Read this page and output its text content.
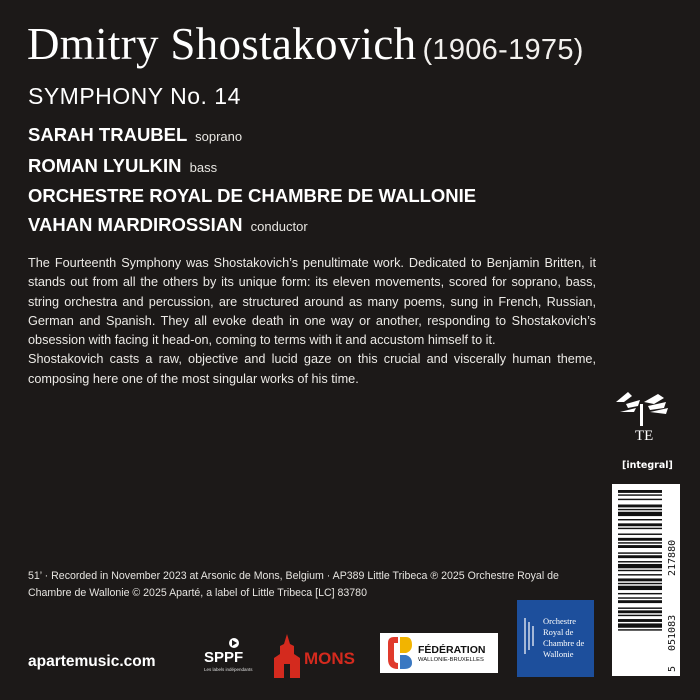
Dmitry Shostakovich (1906-1975)
SYMPHONY No. 14
SARAH TRAUBEL soprano
ROMAN LYULKIN bass
ORCHESTRE ROYAL DE CHAMBRE DE WALLONIE
VAHAN MARDIROSSIAN conductor

The Fourteenth Symphony was Shostakovich’s penultimate work. Dedicated to Benjamin Britten, it stands out from all the others by its unique form: its eleven movements, scored for soprano, bass, string orchestra and percussion, are structured around as many poems, sung in French, Russian, German and Spanish. They all evoke death in one way or another, responding to Shostakovich’s obsession with facing it head-on, coming to terms with it and accustom himself to it.

Shostakovich casts a raw, objective and lucid gaze on this crucial and viscerally human theme, composing here one of the most singular works of his time.

TE
[integral]
5
051083
217880
51’ · Recorded in November 2023 at Arsonic de Mons, Belgium · AP389 Little Tribeca ℗ 2025 Orchestre Royal de Chambre de Wallonie © 2025 Aparté, a label of Little Tribeca [LC] 83780
apartemusic.com	SPPF
Les labels indépendants
MONS	FÉDÉRATION
WALLONIE-BRUXELLES
Orchestre
Royal de
Chambre de
Wallonie
